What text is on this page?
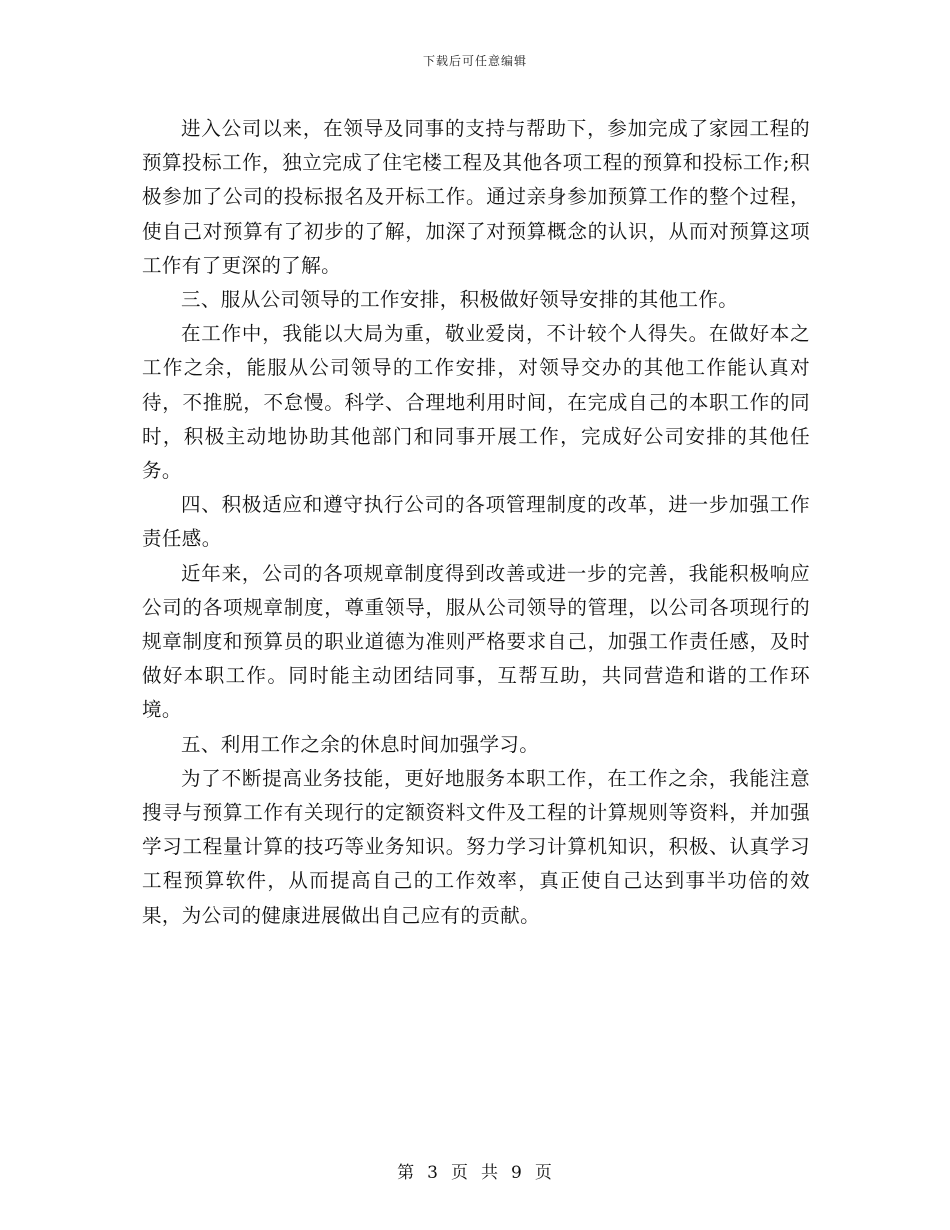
下载后可任意编辑

进入公司以来，在领导及同事的支持与帮助下，参加完成了家园工程的预算投标工作，独立完成了住宅楼工程及其他各项工程的预算和投标工作;积极参加了公司的投标报名及开标工作。通过亲身参加预算工作的整个过程，使自己对预算有了初步的了解，加深了对预算概念的认识，从而对预算这项工作有了更深的了解。

三、服从公司领导的工作安排，积极做好领导安排的其他工作。

在工作中，我能以大局为重，敬业爱岗，不计较个人得失。在做好本之工作之余，能服从公司领导的工作安排，对领导交办的其他工作能认真对待，不推脱，不怠慢。科学、合理地利用时间，在完成自己的本职工作的同时，积极主动地协助其他部门和同事开展工作，完成好公司安排的其他任务。

四、积极适应和遵守执行公司的各项管理制度的改革，进一步加强工作责任感。

近年来，公司的各项规章制度得到改善或进一步的完善，我能积极响应公司的各项规章制度，尊重领导，服从公司领导的管理，以公司各项现行的规章制度和预算员的职业道德为准则严格要求自己，加强工作责任感，及时做好本职工作。同时能主动团结同事，互帮互助，共同营造和谐的工作环境。

五、利用工作之余的休息时间加强学习。

为了不断提高业务技能，更好地服务本职工作，在工作之余，我能注意搜寻与预算工作有关现行的定额资料文件及工程的计算规则等资料，并加强学习工程量计算的技巧等业务知识。努力学习计算机知识，积极、认真学习工程预算软件，从而提高自己的工作效率，真正使自己达到事半功倍的效果，为公司的健康进展做出自己应有的贡献。

第 3 页 共 9 页
